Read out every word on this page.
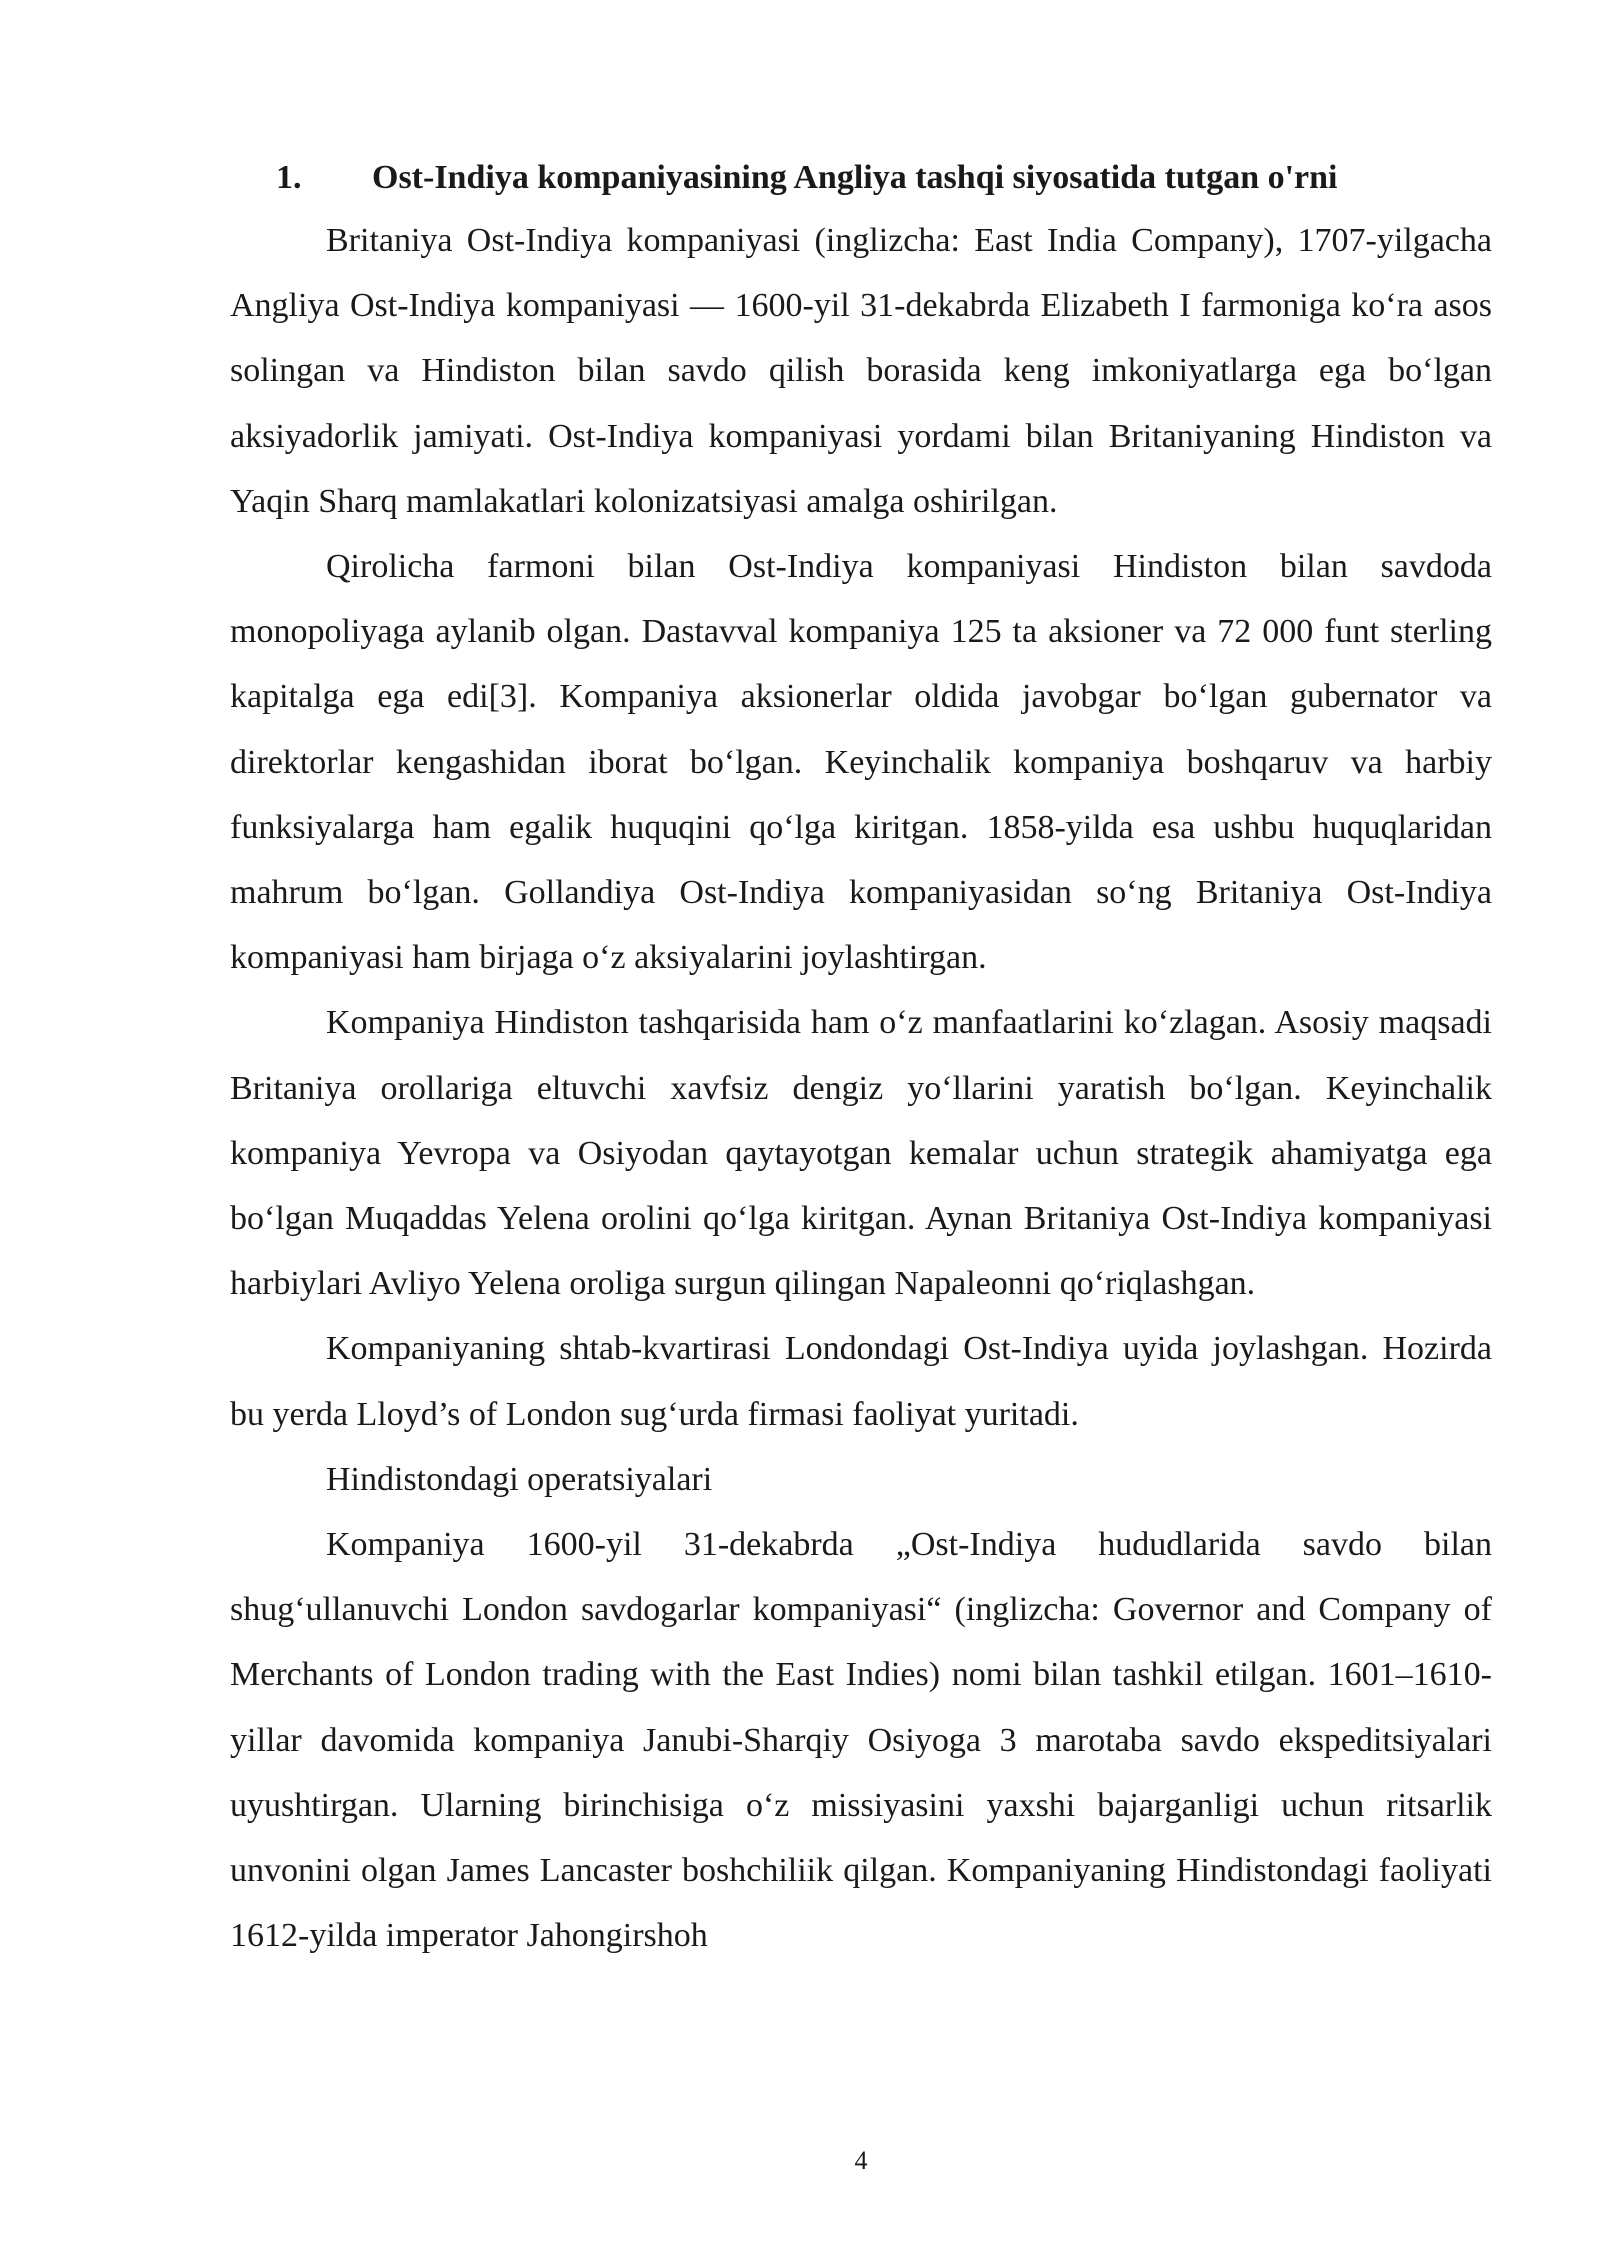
1. Ost-Indiya kompaniyasining Angliya tashqi siyosatida tutgan o'rni

Britaniya Ost-Indiya kompaniyasi (inglizcha: East India Company), 1707-yilgacha Angliya Ost-Indiya kompaniyasi — 1600-yil 31-dekabrda Elizabeth I farmoniga koʻra asos solingan va Hindiston bilan savdo qilish borasida keng imkoniyatlarga ega boʻlgan aksiyadorlik jamiyati. Ost-Indiya kompaniyasi yordami bilan Britaniyaning Hindiston va Yaqin Sharq mamlakatlari kolonizatsiyasi amalga oshirilgan.

Qirolicha farmoni bilan Ost-Indiya kompaniyasi Hindiston bilan savdoda monopoliyaga aylanib olgan. Dastavval kompaniya 125 ta aksioner va 72 000 funt sterling kapitalga ega edi[3]. Kompaniya aksionerlar oldida javobgar boʻlgan gubernator va direktorlar kengashidan iborat boʻlgan. Keyinchalik kompaniya boshqaruv va harbiy funksiyalarga ham egalik huquqini qoʻlga kiritgan. 1858-yilda esa ushbu huquqlaridan mahrum boʻlgan. Gollandiya Ost-Indiya kompaniyasidan soʻng Britaniya Ost-Indiya kompaniyasi ham birjaga oʻz aksiyalarini joylashtirgan.

Kompaniya Hindiston tashqarisida ham oʻz manfaatlarini koʻzlagan. Asosiy maqsadi Britaniya orollariga eltuvchi xavfsiz dengiz yoʻllarini yaratish boʻlgan. Keyinchalik kompaniya Yevropa va Osiyodan qaytayotgan kemalar uchun strategik ahamiyatga ega boʻlgan Muqaddas Yelena orolini qoʻlga kiritgan. Aynan Britaniya Ost-Indiya kompaniyasi harbiylari Avliyo Yelena oroliga surgun qilingan Napaleonni qoʻriqlashgan.

Kompaniyaning shtab-kvartirasi Londondagi Ost-Indiya uyida joylashgan. Hozirda bu yerda Lloyd’s of London sugʻurda firmasi faoliyat yuritadi.

Hindistondagi operatsiyalari

Kompaniya 1600-yil 31-dekabrda „Ost-Indiya hududlarida savdo bilan shugʻullanuvchi London savdogarlar kompaniyasi“ (inglizcha: Governor and Company of Merchants of London trading with the East Indies) nomi bilan tashkil etilgan. 1601–1610-yillar davomida kompaniya Janubi-Sharqiy Osiyoga 3 marotaba savdo ekspeditsiyalari uyushtirgan. Ularning birinchisiga oʻz missiyasini yaxshi bajarganligi uchun ritsarlik unvonini olgan James Lancaster boshchiliik qilgan. Kompaniyaning Hindistondagi faoliyati 1612-yilda imperator Jahongirshoh

4
